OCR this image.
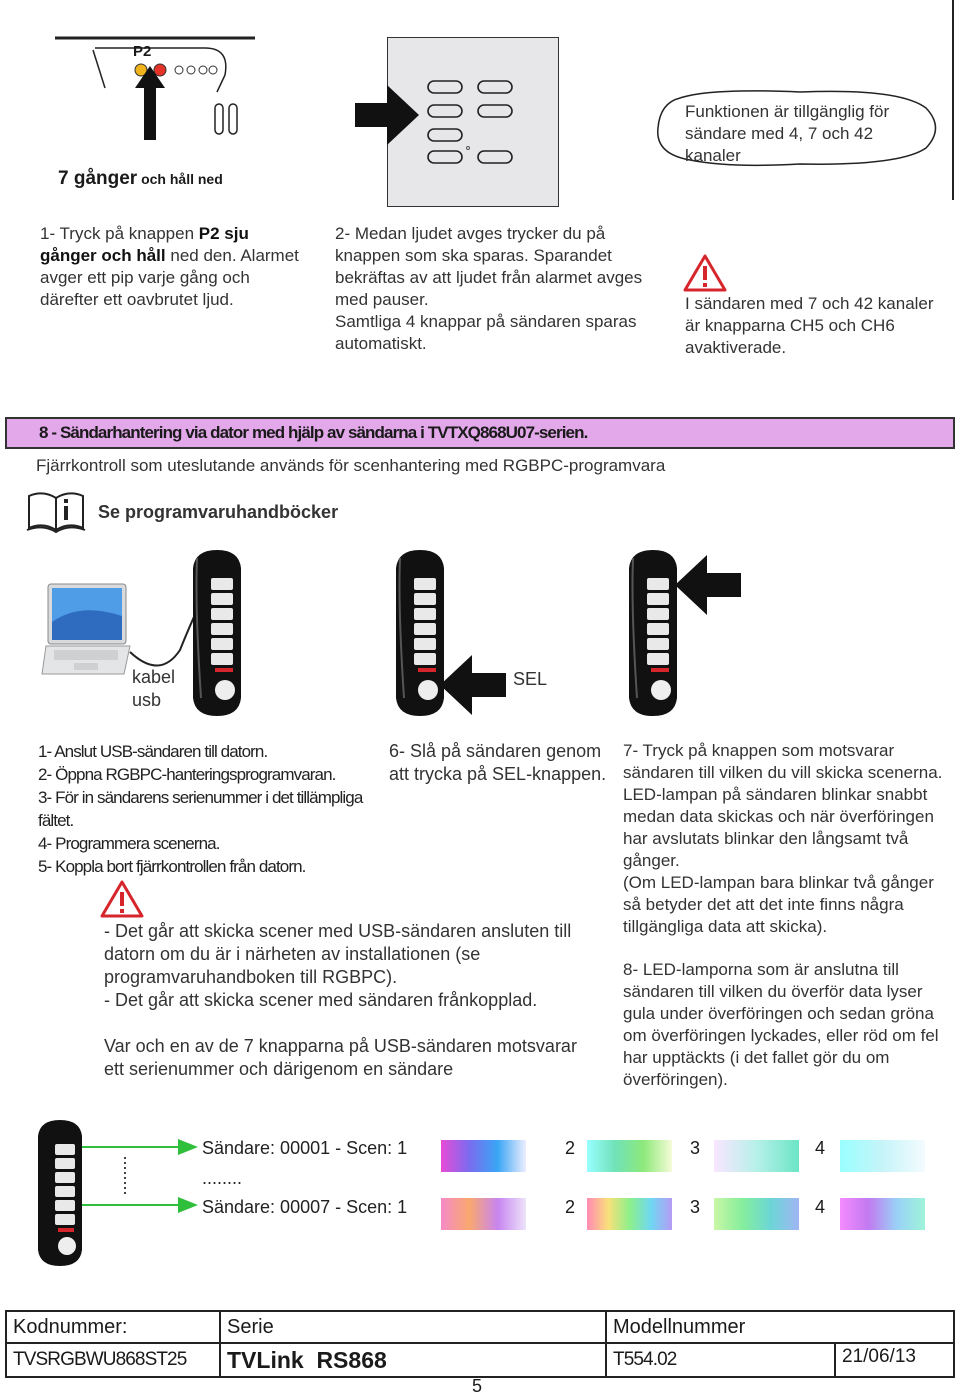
P2
7 gånger och håll ned
Funktionen är tillgänglig för sändare med 4, 7 och 42 kanaler
1- Tryck på knappen P2 sju gånger och håll ned den. Alarmet avger ett pip varje gång och därefter ett oavbrutet ljud.
2- Medan ljudet avges trycker du på knappen som ska sparas. Sparandet bekräftas av att ljudet från alarmet avges med pauser.
Samtliga 4 knappar på sändaren sparas automatiskt.
I sändaren med 7 och 42 kanaler är knapparna CH5 och CH6 avaktiverade.
8 - Sändarhantering via dator med hjälp av sändarna i TVTXQ868U07-serien.
Fjärrkontroll som uteslutande används för scenhantering med RGBPC-programvara
Se programvaruhandböcker
kabel
usb
SEL
1- Anslut USB-sändaren till datorn.
2- Öppna RGBPC-hanteringsprogramvaran.
3- För in sändarens serienummer i det tillämpliga fältet.
4- Programmera scenerna.
5- Koppla bort fjärrkontrollen från datorn.
6- Slå på sändaren genom att trycka på SEL-knappen.
7- Tryck på knappen som motsvarar sändaren till vilken du vill skicka scenerna. LED-lampan på sändaren blinkar snabbt medan data skickas och när överföringen har avslutats blinkar den långsamt två gånger.
(Om LED-lampan bara blinkar två gånger så betyder det att det inte finns några tillgängliga data att skicka).
8- LED-lamporna som är anslutna till sändaren till vilken du överför data lyser gula under överföringen och sedan gröna om överföringen lyckades, eller röd om fel har upptäckts (i det fallet gör du om överföringen).
- Det går att skicka scener med USB-sändaren ansluten till datorn om du är i närheten av installationen (se programvaruhandboken till RGBPC).
- Det går att skicka scener med sändaren frånkopplad.
Var och en av de 7 knapparna på USB-sändaren motsvarar ett serienummer och därigenom en sändare
Sändare: 00001 - Scen: 1
........
Sändare: 00007 - Scen: 1
2	3	4
2	3	4
Kodnummer:	Serie	Modellnummer	
TVSRGBWU868ST25	TVLink  RS868	T554.02	21/06/13
5
